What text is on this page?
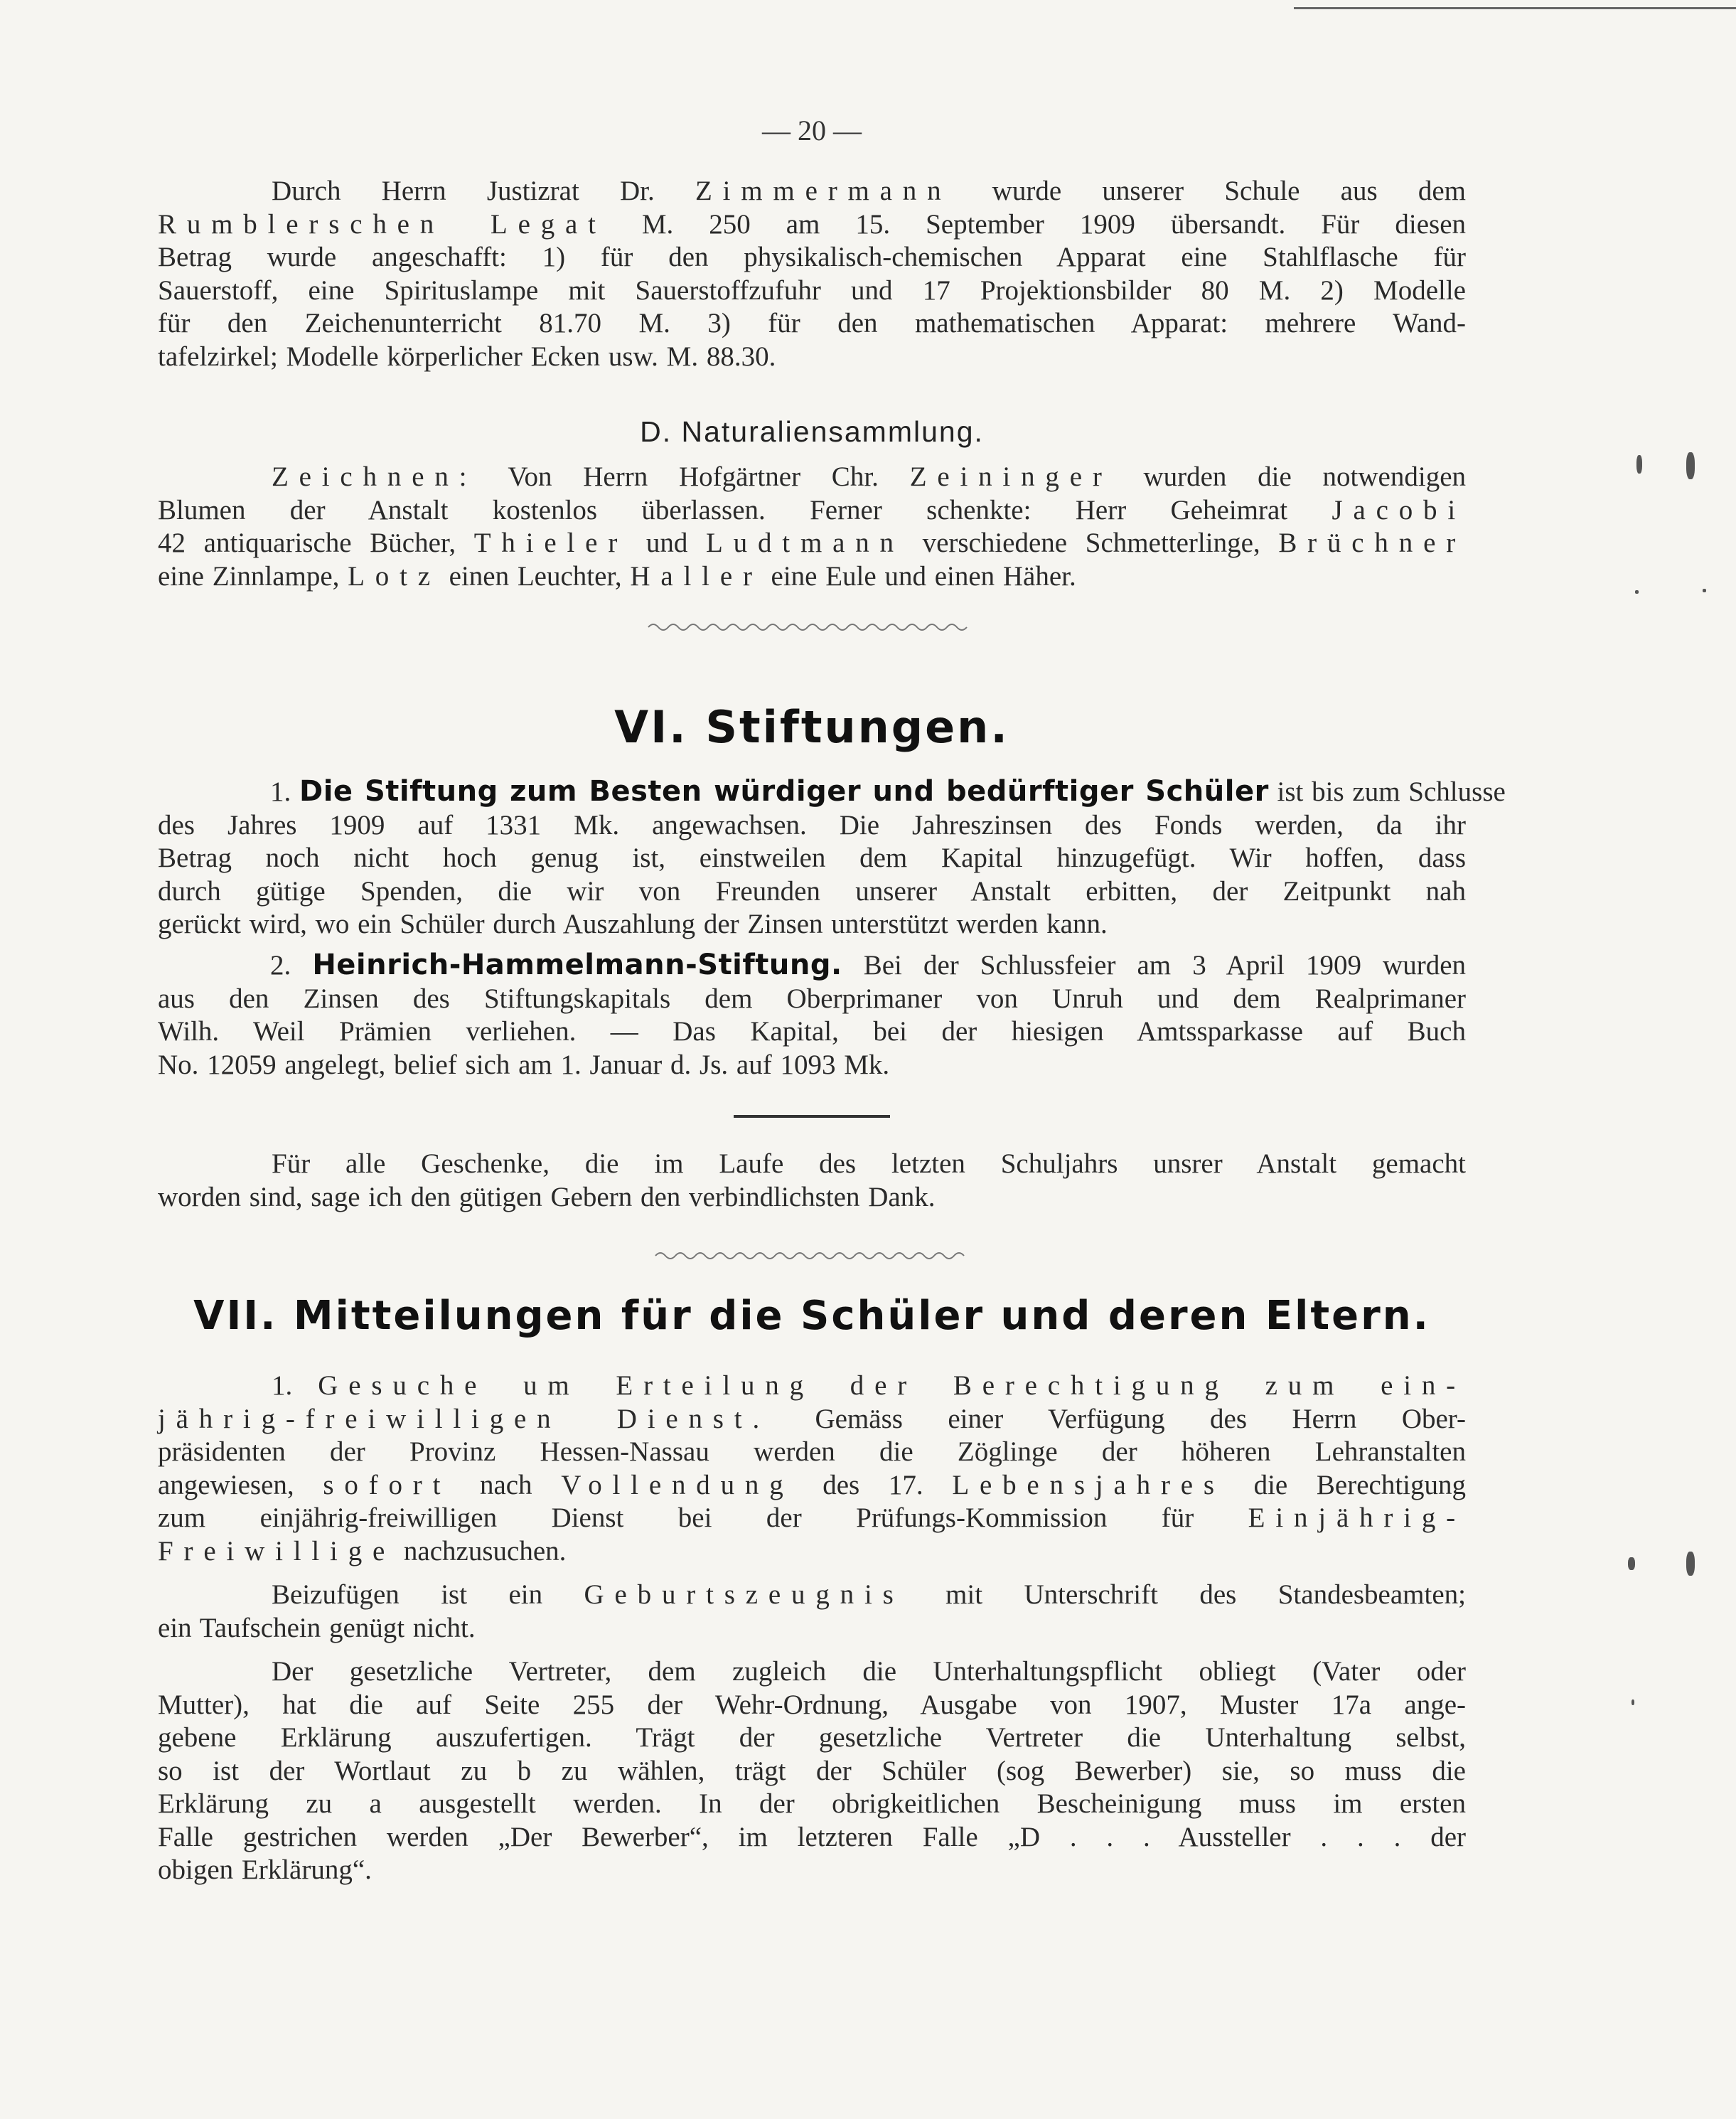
— 20 —
Durch Herrn Justizrat Dr. Zimmermann wurde unserer Schule aus dem
Rumblerschen Legat M. 250 am 15. September 1909 übersandt. Für diesen
Betrag wurde angeschafft: 1) für den physikalisch-chemischen Apparat eine Stahlflasche für
Sauerstoff, eine Spirituslampe mit Sauerstoffzufuhr und 17 Projektionsbilder 80 M. 2) Modelle
für den Zeichenunterricht 81.70 M. 3) für den mathematischen Apparat: mehrere Wand-
tafelzirkel; Modelle körperlicher Ecken usw. M. 88.30.
D. Naturaliensammlung.
Zeichnen: Von Herrn Hofgärtner Chr. Zeininger wurden die notwendigen
Blumen der Anstalt kostenlos überlassen. Ferner schenkte: Herr Geheimrat Jacobi
42 antiquarische Bücher, Thieler und Ludtmann verschiedene Schmetterlinge, Brüchner
eine Zinnlampe, Lotz einen Leuchter, Haller eine Eule und einen Häher.
VI. Stiftungen.
1. Die Stiftung zum Besten würdiger und bedürftiger Schüler ist bis zum Schlusse
des Jahres 1909 auf 1331 Mk. angewachsen. Die Jahreszinsen des Fonds werden, da ihr
Betrag noch nicht hoch genug ist, einstweilen dem Kapital hinzugefügt. Wir hoffen, dass
durch gütige Spenden, die wir von Freunden unserer Anstalt erbitten, der Zeitpunkt nah
gerückt wird, wo ein Schüler durch Auszahlung der Zinsen unterstützt werden kann.
2. Heinrich-Hammelmann-Stiftung. Bei der Schlussfeier am 3 April 1909 wurden
aus den Zinsen des Stiftungskapitals dem Oberprimaner von Unruh und dem Realprimaner
Wilh. Weil Prämien verliehen. — Das Kapital, bei der hiesigen Amtssparkasse auf Buch
No. 12059 angelegt, belief sich am 1. Januar d. Js. auf 1093 Mk.
Für alle Geschenke, die im Laufe des letzten Schuljahrs unsrer Anstalt gemacht
worden sind, sage ich den gütigen Gebern den verbindlichsten Dank.
VII. Mitteilungen für die Schüler und deren Eltern.
1. Gesuche um Erteilung der Berechtigung zum ein-
jährig-freiwilligen Dienst. Gemäss einer Verfügung des Herrn Ober-
präsidenten der Provinz Hessen-Nassau werden die Zöglinge der höheren Lehranstalten
angewiesen, sofort nach Vollendung des 17. Lebensjahres die Berechtigung
zum einjährig-freiwilligen Dienst bei der Prüfungs-Kommission für Einjährig-
Freiwillige nachzusuchen.
Beizufügen ist ein Geburtszeugnis mit Unterschrift des Standesbeamten;
ein Taufschein genügt nicht.
Der gesetzliche Vertreter, dem zugleich die Unterhaltungspflicht obliegt (Vater oder
Mutter), hat die auf Seite 255 der Wehr-Ordnung, Ausgabe von 1907, Muster 17a ange-
gebene Erklärung auszufertigen. Trägt der gesetzliche Vertreter die Unterhaltung selbst,
so ist der Wortlaut zu b zu wählen, trägt der Schüler (sog Bewerber) sie, so muss die
Erklärung zu a ausgestellt werden. In der obrigkeitlichen Bescheinigung muss im ersten
Falle gestrichen werden „Der Bewerber“, im letzteren Falle „D . . . Aussteller . . . der
obigen Erklärung“.
